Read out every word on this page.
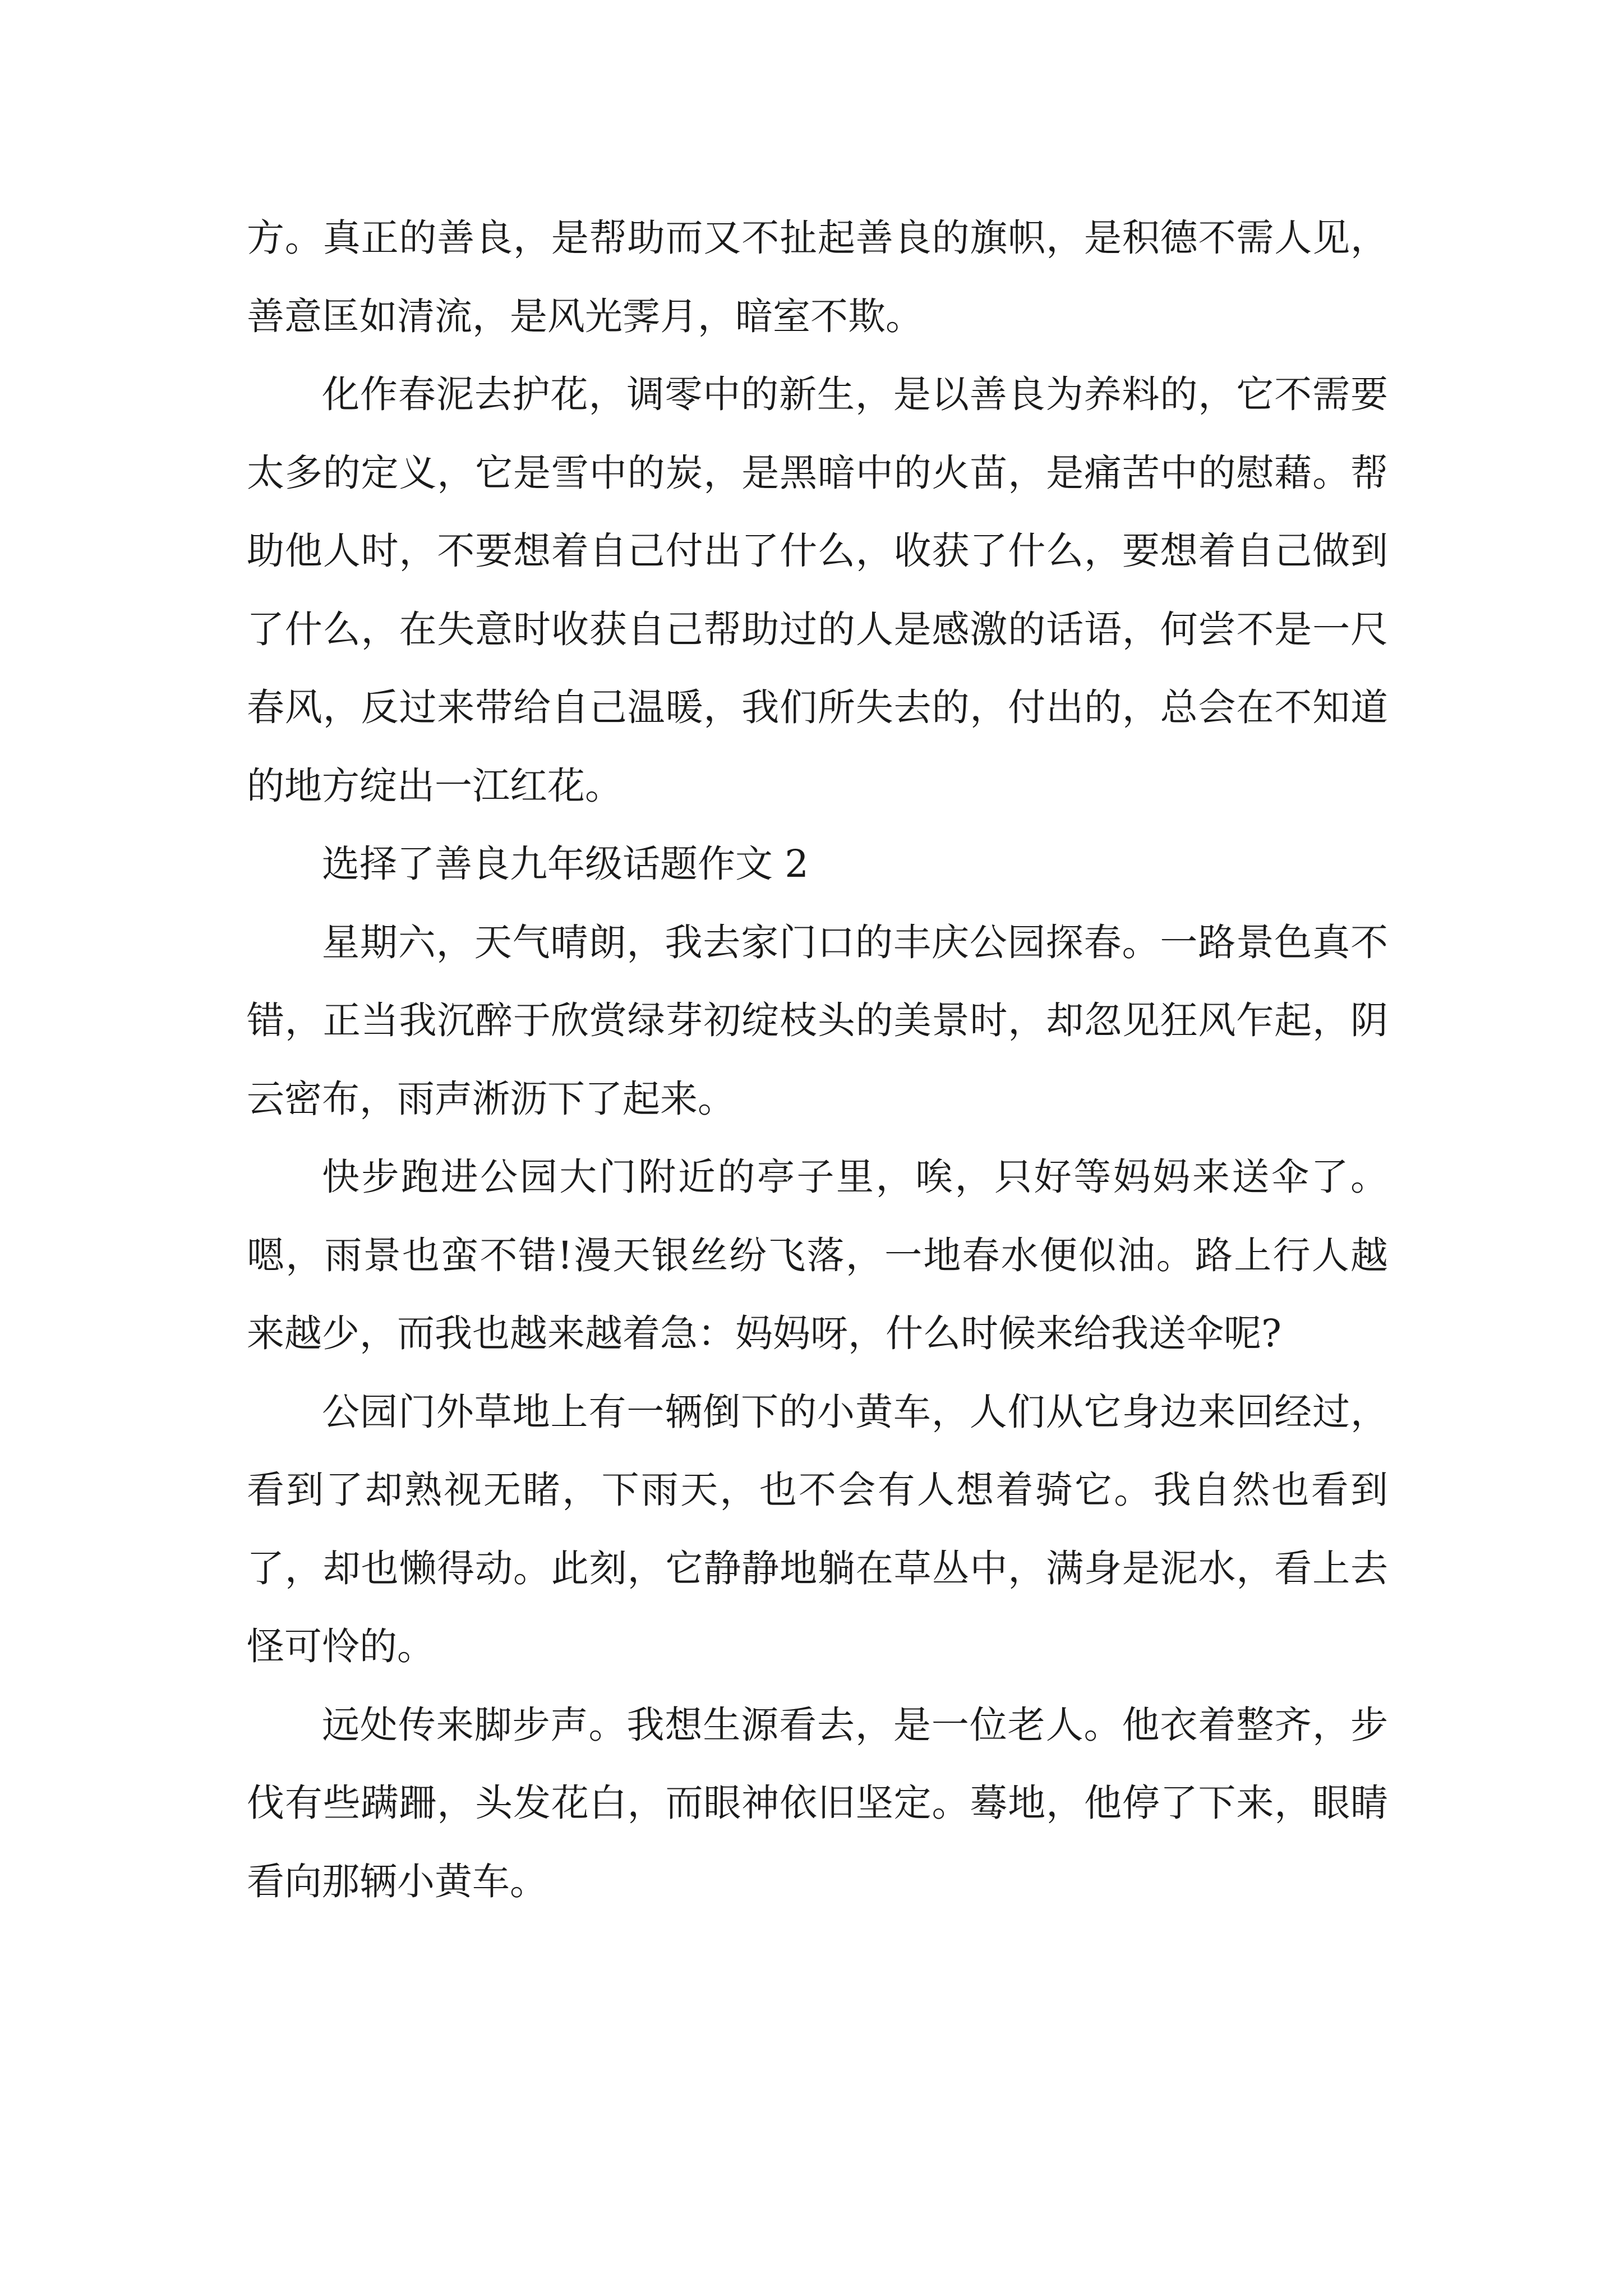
方。真正的善良，是帮助而又不扯起善良的旗帜，是积德不需人见，善意匡如清流，是风光霁月，暗室不欺。

化作春泥去护花，调零中的新生，是以善良为养料的，它不需要太多的定义，它是雪中的炭，是黑暗中的火苗，是痛苦中的慰藉。帮助他人时，不要想着自己付出了什么，收获了什么，要想着自己做到了什么，在失意时收获自己帮助过的人是感激的话语，何尝不是一尺春风，反过来带给自己温暖，我们所失去的，付出的，总会在不知道的地方绽出一江红花。

选择了善良九年级话题作文 2

星期六，天气晴朗，我去家门口的丰庆公园探春。一路景色真不错，正当我沉醉于欣赏绿芽初绽枝头的美景时，却忽见狂风乍起，阴云密布，雨声淅沥下了起来。

快步跑进公园大门附近的亭子里，唉，只好等妈妈来送伞了。嗯，雨景也蛮不错!漫天银丝纷飞落，一地春水便似油。路上行人越来越少，而我也越来越着急：妈妈呀，什么时候来给我送伞呢?

公园门外草地上有一辆倒下的小黄车，人们从它身边来回经过，看到了却熟视无睹，下雨天，也不会有人想着骑它。我自然也看到了，却也懒得动。此刻，它静静地躺在草丛中，满身是泥水，看上去怪可怜的。

远处传来脚步声。我想生源看去，是一位老人。他衣着整齐，步伐有些蹒跚，头发花白，而眼神依旧坚定。蓦地，他停了下来，眼睛看向那辆小黄车。
